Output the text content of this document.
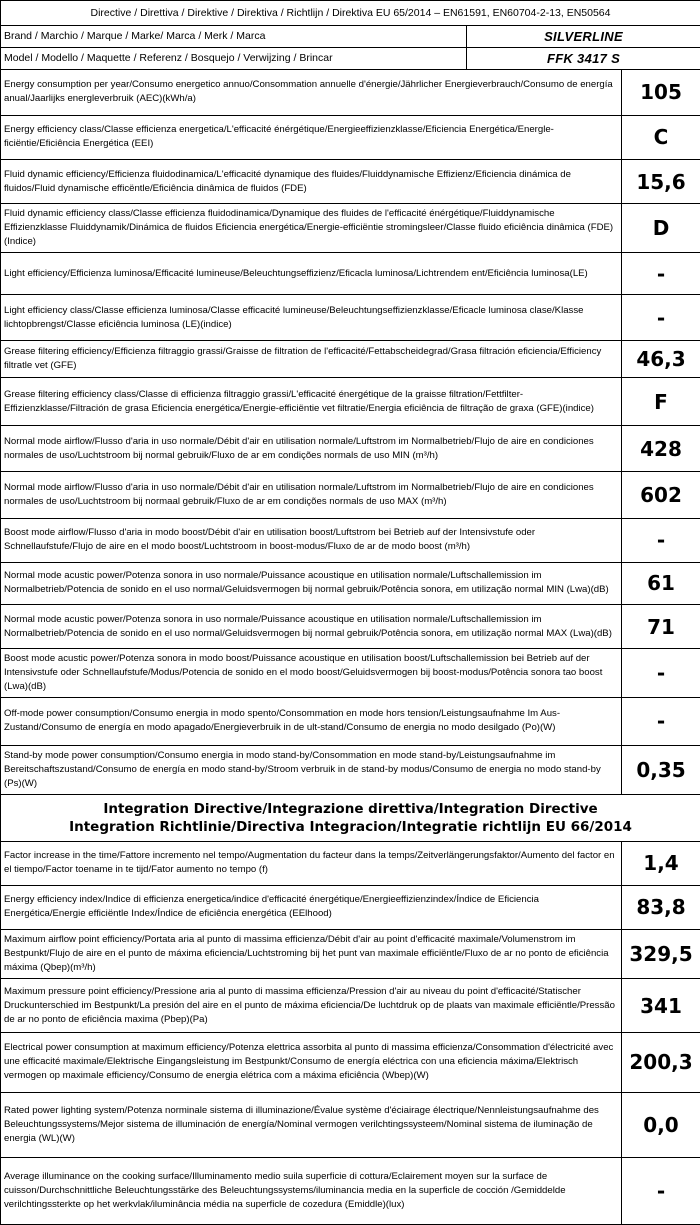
Directive / Direttiva / Direktive / Direktiva / Richtlijn / Direktiva EU 65/2014 – EN61591, EN60704-2-13, EN50564		
Brand / Marchio / Marque / Marke/ Marca / Merk / Marca	SILVERLINE	
Model / Modello / Maquette / Referenz / Bosquejo / Verwijzing / Brincar	FFK 3417 S	
Energy consumption per year/Consumo energetico annuo/Consommation annuelle d'énergie/Jährlicher Energieverbrauch/Consumo de energía anual/Jaarlijks energleverbruik (AEC)(kWh/a)		105
Energy efficiency class/Classe efficienza energetica/L'efficacité énérgétique/Energieeffizienzklasse/Eficiencia Energética/Energle-ficiëntie/Eficiência Energética (EEI)		C
Fluid dynamic efficiency/Efficienza fluidodinamica/L'efficacité dynamique des fluides/Fluiddynamische Effizienz/Eficiencia dinámica de fluidos/Fluid dynamische efficëntle/Eficiência dinâmica de fluidos (FDE)		15,6
Fluid dynamic efficiency class/Classe efficienza fluidodinamica/Dynamique des fluides de l'efficacité énérgétique/Fluiddynamische Effizienzklasse Fluiddynamik/Dinámica de fluidos Eficiencia energética/Energie-efficiëntie stromingsleer/Classe fluido eficiência dinâmica (FDE) (Indice)		D
Light efficiency/Efficienza luminosa/Efficacité lumineuse/Beleuchtungseffizienz/Eficacla luminosa/Lichtrendem ent/Eficiência luminosa(LE)		-
Light efficiency class/Classe efficienza luminosa/Classe efficacité lumineuse/Beleuchtungseffizienzklasse/Eficacle luminosa clase/Klasse lichtopbrengst/Classe eficiência luminosa (LE)(indice)		-
Grease filtering efficiency/Efficienza filtraggio grassi/Graisse de filtration de l'efficacité/Fettabscheidegrad/Grasa filtración eficiencia/Efficiency filtratle vet (GFE)		46,3
Grease filtering efficiency class/Classe di efficienza filtraggio grassi/L'efficacité énergétique de la graisse filtration/Fettfilter-Effizienzklasse/Filtración de grasa Eficiencia energética/Energie-efficiëntie vet filtratie/Energia eficiência de filtração de graxa (GFE)(indice)		F
Normal mode airflow/Flusso d'aria in uso normale/Débit d'air en utilisation normale/Luftstrom im Normalbetrieb/Flujo de aire en condiciones normales de uso/Luchtstroom bij normal gebruik/Fluxo de ar em condições normals de uso MIN (m³/h)		428
Normal mode airflow/Flusso d'aria in uso normale/Débit d'air en utilisation normale/Luftstrom im Normalbetrieb/Flujo de aire en condiciones normales de uso/Luchtstroom bij normaal gebruik/Fluxo de ar em condições normals de uso MAX (m³/h)		602
Boost mode airflow/Flusso d'aria in modo boost/Débit d'air en utilisation boost/Luftstrom bei Betrieb auf der Intensivstufe oder Schnellaufstufe/Flujo de aire en el modo boost/Luchtstroom in boost-modus/Fluxo de ar de modo boost (m³/h)		-
Normal mode acustic power/Potenza sonora in uso normale/Puissance acoustique en utilisation normale/Luftschallemission im Normalbetrieb/Potencia de sonido en el uso normal/Geluidsvermogen bij normal gebruik/Potência sonora, em utilização normal MIN (Lwa)(dB)		61
Normal mode acustic power/Potenza sonora in uso normale/Puissance acoustique en utilisation normale/Luftschallemission im Normalbetrieb/Potencia de sonido en el uso normal/Geluidsvermogen bij normal gebruik/Potência sonora, em utilização normal MAX (Lwa)(dB)		71
Boost mode acustic power/Potenza sonora in modo boost/Puissance acoustique en utilisation boost/Luftschallemission bei Betrieb auf der Intensivstufe oder Schnellaufstufe/Modus/Potencia de sonido en el modo boost/Geluidsvermogen bij boost-modus/Potência sonora tao boost (Lwa)(dB)		-
Off-mode power consumption/Consumo energia in modo spento/Consommation en mode hors tension/Leistungsaufnahme Im Aus-Zustand/Consumo de energía en modo apagado/Energieverbruik in de ult-stand/Consumo de energia no modo desilgado (Po)(W)		-
Stand-by mode power consumption/Consumo energia in modo stand-by/Consommation en mode stand-by/Leistungsaufnahme im Bereitschaftszustand/Consumo de energía en modo stand-by/Stroom verbruik in de stand-by modus/Consumo de energia no modo stand-by (Ps)(W)		0,35

Integration Directive/Integrazione direttiva/Integration Directive
Integration Richtlinie/Directiva Integracion/Integratie richtlijn EU 66/2014		

Factor increase in the time/Fattore incremento nel tempo/Augmentation du facteur dans la temps/Zeitverlängerungsfaktor/Aumento del factor en el tiempo/Factor toename in te tijd/Fator aumento no tempo (f)		1,4
Energy efficiency index/Indice di efficienza energetica/indice d'efficacité énergétique/Energieeffizienzindex/Índice de Eficiencia Energética/Energie efficiëntle Index/Índice de eficiência energética (EElhood)		83,8
Maximum airflow point efficiency/Portata aria al punto di massima efficienza/Débit d'air au point d'efficacité maximale/Volumenstrom im Bestpunkt/Flujo de aire en el punto de máxima eficiencia/Luchtstroming bij het punt van maximale efficiëntle/Fluxo de ar no ponto de eficiência máxima (Qbep)(m³/h)		329,5
Maximum pressure point efficiency/Pressione aria al punto di massima efficienza/Pression d'air au niveau du point d'efficacité/Statischer Druckunterschied im Bestpunkt/La presión del aire en el punto de máxima eficiencia/De luchtdruk op de plaats van maximale efficiëntle/Pressão de ar no ponto de eficiência maxima (Pbep)(Pa)		341
Electrical power consumption at maximum efficiency/Potenza elettrica assorbita al punto di massima efficienza/Consommation d'électricité avec une efficacité maximale/Elektrische Eingangsleistung im Bestpunkt/Consumo de energía eléctrica con una eficiencia máxima/Elektrisch vermogen op maximale efficiency/Consumo de energia elétrica com a máxima eficiência (Wbep)(W)		200,3
Rated power lighting system/Potenza norminale sistema di illuminazione/Évalue système d'éciairage électrique/Nennleistungsaufnahme des Beleuchtungssystems/Mejor sistema de illuminación de energía/Nominal vermogen verilchtingssysteem/Nominal sistema de iluminação de energia (WL)(W)		0,0
Average illuminance on the cooking surface/Illuminamento medio suila superficie di cottura/Eclairement moyen sur la surface de cuisson/Durchschnittliche Beleuchtungsstärke des Beleuchtungssystems/iluminancia media en la superficle de cocción /Gemiddelde verilchtingssterkte op het werkvlak/iluminância média na superficle de cozedura (Emiddle)(lux)		-
